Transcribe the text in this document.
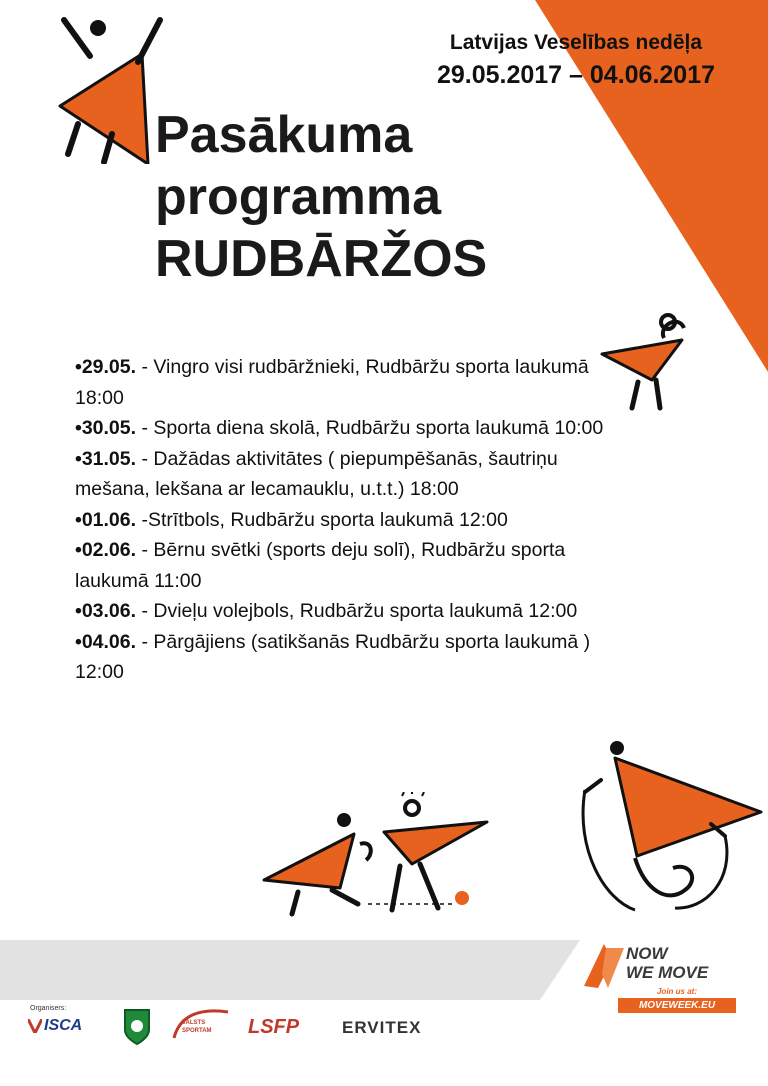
Latvijas Veselības nedēļa
29.05.2017 – 04.06.2017
Pasākuma
programma
RUDBĀRŽOS

•29.05. - Vingro visi rudbāržnieki, Rudbāržu sporta laukumā 18:00

•30.05. - Sporta diena skolā, Rudbāržu sporta laukumā 10:00

•31.05. - Dažādas aktivitātes ( piepumpēšanās, šautriņu mešana, lekšana ar lecamauklu, u.t.t.) 18:00

•01.06. -Strītbols, Rudbāržu sporta laukumā 12:00

•02.06. - Bērnu svētki (sports deju solī), Rudbāržu sporta laukumā 11:00

•03.06. - Dvieļu volejbols, Rudbāržu sporta laukumā 12:00

•04.06. - Pārgājiens (satikšanās Rudbāržu sporta laukumā ) 12:00

NOW
WE MOVE
Join us at:
MOVEWEEK.EU
Organisers:
ISCA	VALSTS SPORTAM	LSFP	ERVITEX
